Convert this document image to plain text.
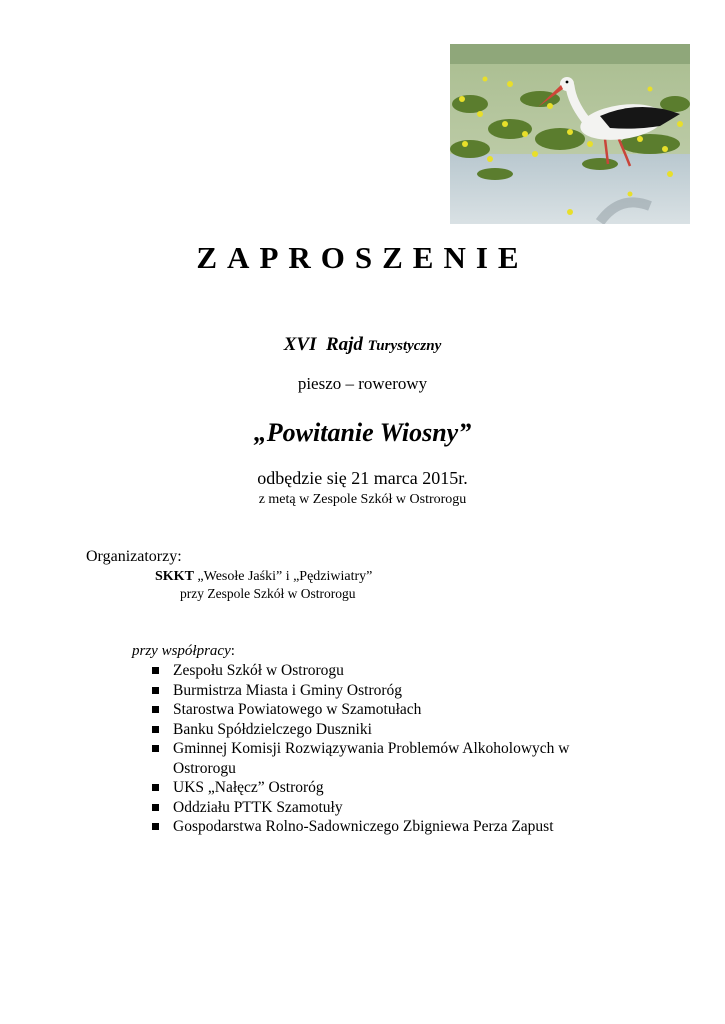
ZAPROSZENIE
XVI Rajd Turystyczny
pieszo – rowerowy
„Powitanie Wiosny”
odbędzie się 21 marca 2015r.
z metą w Zespole Szkół w Ostrorogu
Organizatorzy:
SKKT „Wesołe Jaśki” i „Pędziwiatry”
przy Zespole Szkół w Ostrorogu
przy współpracy:
Zespołu Szkół w Ostrorogu
Burmistrza Miasta i Gminy Ostroróg
Starostwa Powiatowego w Szamotułach
Banku Spółdzielczego Duszniki
Gminnej Komisji Rozwiązywania Problemów Alkoholowych w Ostrorogu
UKS „Nałęcz” Ostroróg
Oddziału PTTK Szamotuły
Gospodarstwa Rolno-Sadowniczego Zbigniewa Perza Zapust
